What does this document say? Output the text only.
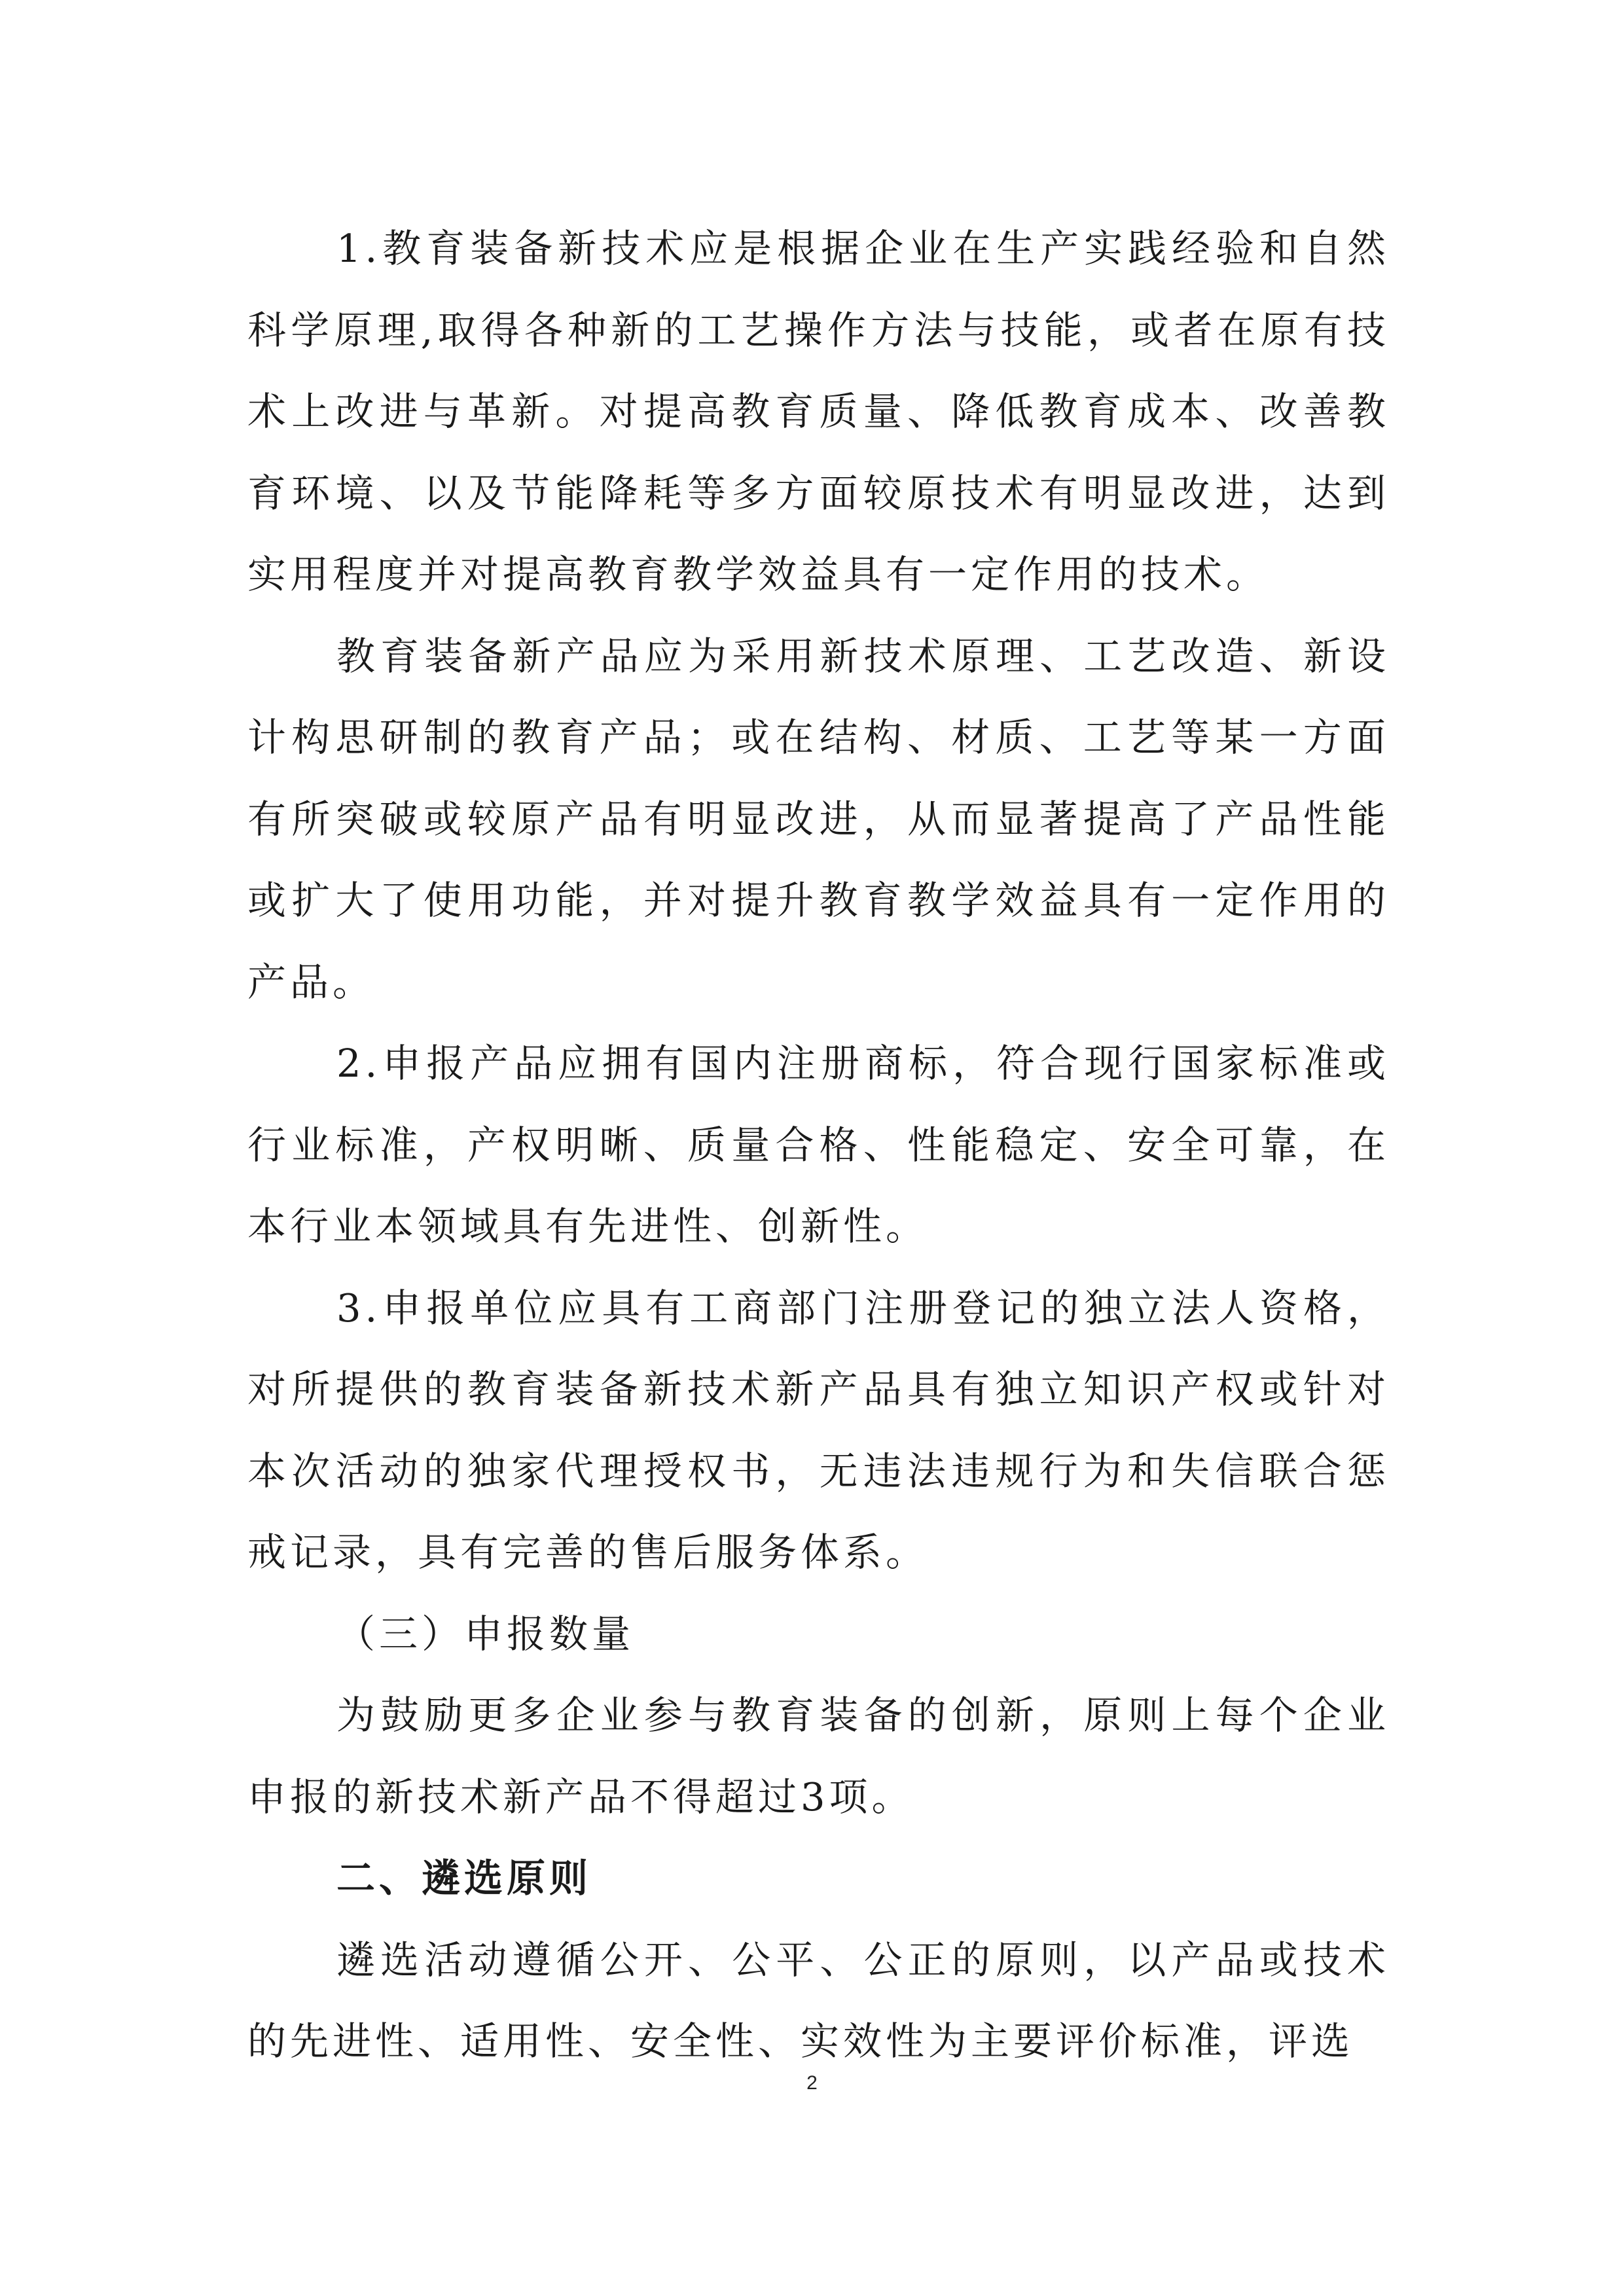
1.教育装备新技术应是根据企业在生产实践经验和自然科学原理,取得各种新的工艺操作方法与技能，或者在原有技术上改进与革新。对提高教育质量、降低教育成本、改善教育环境、以及节能降耗等多方面较原技术有明显改进，达到实用程度并对提高教育教学效益具有一定作用的技术。

教育装备新产品应为采用新技术原理、工艺改造、新设计构思研制的教育产品；或在结构、材质、工艺等某一方面有所突破或较原产品有明显改进，从而显著提高了产品性能或扩大了使用功能，并对提升教育教学效益具有一定作用的产品。

2.申报产品应拥有国内注册商标，符合现行国家标准或行业标准，产权明晰、质量合格、性能稳定、安全可靠，在本行业本领域具有先进性、创新性。

3.申报单位应具有工商部门注册登记的独立法人资格，对所提供的教育装备新技术新产品具有独立知识产权或针对本次活动的独家代理授权书，无违法违规行为和失信联合惩戒记录，具有完善的售后服务体系。

（三）申报数量

为鼓励更多企业参与教育装备的创新，原则上每个企业申报的新技术新产品不得超过3项。

二、遴选原则

遴选活动遵循公开、公平、公正的原则，以产品或技术的先进性、适用性、安全性、实效性为主要评价标准，评选

2
